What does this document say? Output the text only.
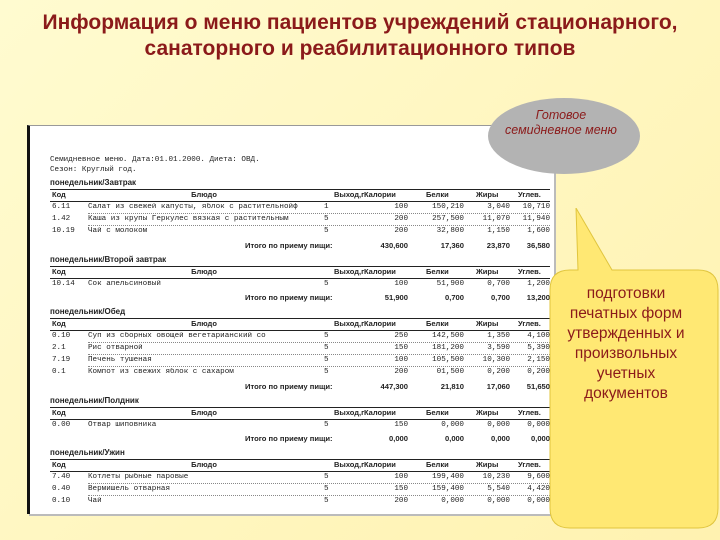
Информация о меню пациентов учреждений стационарного, санаторного и реабилитационного типов
Семидневное меню. Дата:01.01.2000. Диета: ОВД.
Сезон: Круглый год.
понедельник/Завтрак
Код	Блюдо	Выход,г Калории	Белки	Жиры	Углев.
6.11	Салат из свежей капусты, яблок с растительнойф	1	100	150,210	3,040	10,710
1.42	Каша из крупы Геркулес вязкая с растительным	5	200	257,500	11,070	11,940
10.19	Чай с молоком	5	200	32,800	1,150	1,600
Итого по приему пищи:	430,600	17,360	23,870	36,580
понедельник/Второй завтрак
Код	Блюдо	Выход,г Калории	Белки	Жиры	Углев.
10.14	Сок апельсиновый	5	100	51,900	0,700	1,200
Итого по приему пищи:	51,900	0,700	0,700	13,200
понедельник/Обед
Код	Блюдо	Выход,г Калории	Белки	Жиры	Углев.
0.10	Суп из сборных овощей вегетарианский со	5	250	142,500	1,350	4,100
2.1	Рис отварной	5	150	181,200	3,590	5,390
7.19	Печень тушеная	5	100	105,500	10,300	2,150
0.1	Компот из свежих яблок с сахаром	5	200	01,500	0,200	0,200
Итого по приему пищи:	447,300	21,810	17,060	51,650
понедельник/Полдник
Код	Блюдо	Выход,г Калории	Белки	Жиры	Углев.
0.00	Отвар шиповника	5	150	0,000	0,000	0,000
Итого по приему пищи:	0,000	0,000	0,000	0,000
понедельник/Ужин
Код	Блюдо	Выход,г Калории	Белки	Жиры	Углев.
7.40	Котлеты рыбные паровые	5	100	199,400	10,230	9,600
0.40	Вермишель отварная	5	150	159,400	5,540	4,420
0.10	Чай	5	200	0,000	0,000	0,000
Готовое семидневное меню
подготовки печатных форм утвержденных и произвольных учетных документов
